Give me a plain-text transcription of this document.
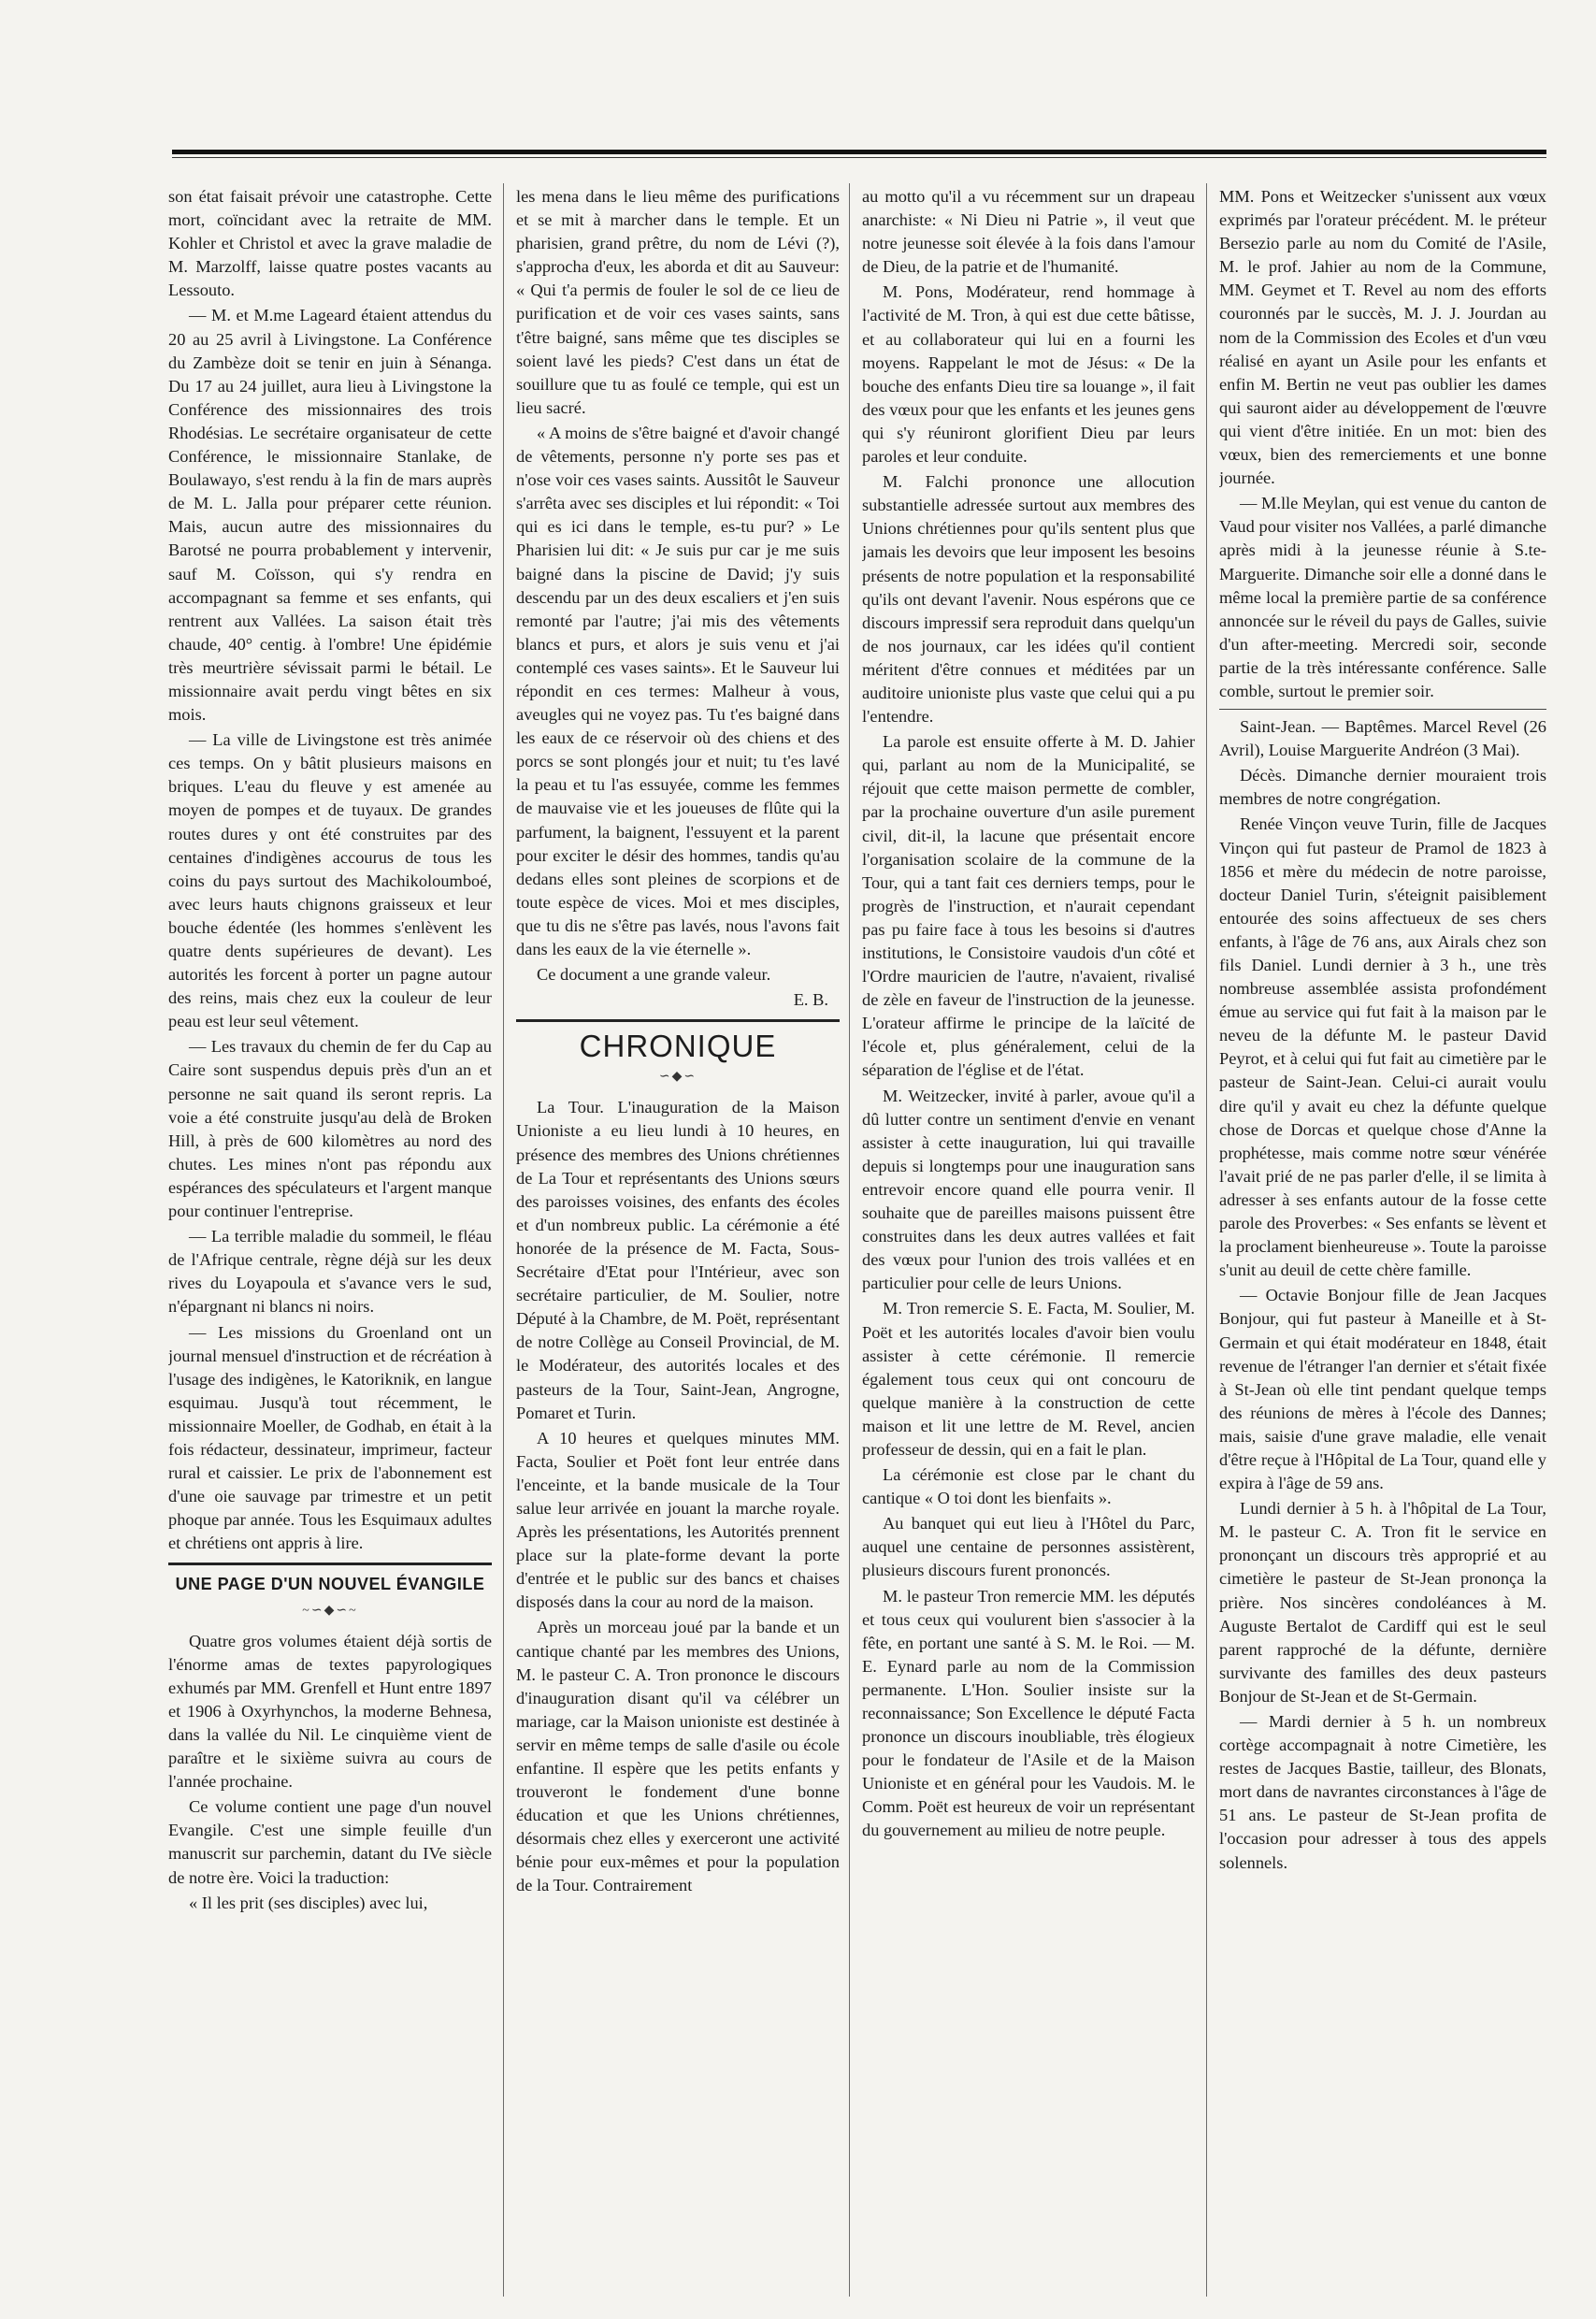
son état faisait prévoir une catastrophe. Cette mort, coïncidant avec la retraite de MM. Kohler et Christol et avec la grave maladie de M. Marzolff, laisse quatre postes vacants au Lessouto.

— M. et M.me Lageard étaient attendus du 20 au 25 avril à Livingstone. La Conférence du Zambèze doit se tenir en juin à Sénanga. Du 17 au 24 juillet, aura lieu à Livingstone la Conférence des missionnaires des trois Rhodésias. Le secrétaire organisateur de cette Conférence, le missionnaire Stanlake, de Boulawayo, s'est rendu à la fin de mars auprès de M. L. Jalla pour préparer cette réunion. Mais, aucun autre des missionnaires du Barotsé ne pourra probablement y intervenir, sauf M. Coïsson, qui s'y rendra en accompagnant sa femme et ses enfants, qui rentrent aux Vallées. La saison était très chaude, 40° centig. à l'ombre! Une épidémie très meurtrière sévissait parmi le bétail. Le missionnaire avait perdu vingt bêtes en six mois.

— La ville de Livingstone est très animée ces temps. On y bâtit plusieurs maisons en briques. L'eau du fleuve y est amenée au moyen de pompes et de tuyaux. De grandes routes dures y ont été construites par des centaines d'indigènes accourus de tous les coins du pays surtout des Machikoloumboé, avec leurs hauts chignons graisseux et leur bouche édentée (les hommes s'enlèvent les quatre dents supérieures de devant). Les autorités les forcent à porter un pagne autour des reins, mais chez eux la couleur de leur peau est leur seul vêtement.

— Les travaux du chemin de fer du Cap au Caire sont suspendus depuis près d'un an et personne ne sait quand ils seront repris. La voie a été construite jusqu'au delà de Broken Hill, à près de 600 kilomètres au nord des chutes. Les mines n'ont pas répondu aux espérances des spéculateurs et l'argent manque pour continuer l'entreprise.

— La terrible maladie du sommeil, le fléau de l'Afrique centrale, règne déjà sur les deux rives du Loyapoula et s'avance vers le sud, n'épargnant ni blancs ni noirs.

— Les missions du Groenland ont un journal mensuel d'instruction et de récréation à l'usage des indigènes, le Katoriknik, en langue esquimau. Jusqu'à tout récemment, le missionnaire Moeller, de Godhab, en était à la fois rédacteur, dessinateur, imprimeur, facteur rural et caissier. Le prix de l'abonnement est d'une oie sauvage par trimestre et un petit phoque par année. Tous les Esquimaux adultes et chrétiens ont appris à lire.

UNE PAGE D'UN NOUVEL ÉVANGILE
~∽◆∽~

Quatre gros volumes étaient déjà sortis de l'énorme amas de textes papyrologiques exhumés par MM. Grenfell et Hunt entre 1897 et 1906 à Oxyrhynchos, la moderne Behnesa, dans la vallée du Nil. Le cinquième vient de paraître et le sixième suivra au cours de l'année prochaine.

Ce volume contient une page d'un nouvel Evangile. C'est une simple feuille d'un manuscrit sur parchemin, datant du IVe siècle de notre ère. Voici la traduction:

« Il les prit (ses disciples) avec lui,

les mena dans le lieu même des purifications et se mit à marcher dans le temple. Et un pharisien, grand prêtre, du nom de Lévi (?), s'approcha d'eux, les aborda et dit au Sauveur: « Qui t'a permis de fouler le sol de ce lieu de purification et de voir ces vases saints, sans t'être baigné, sans même que tes disciples se soient lavé les pieds? C'est dans un état de souillure que tu as foulé ce temple, qui est un lieu sacré.

« A moins de s'être baigné et d'avoir changé de vêtements, personne n'y porte ses pas et n'ose voir ces vases saints. Aussitôt le Sauveur s'arrêta avec ses disciples et lui répondit: « Toi qui es ici dans le temple, es-tu pur? » Le Pharisien lui dit: « Je suis pur car je me suis baigné dans la piscine de David; j'y suis descendu par un des deux escaliers et j'en suis remonté par l'autre; j'ai mis des vêtements blancs et purs, et alors je suis venu et j'ai contemplé ces vases saints». Et le Sauveur lui répondit en ces termes: Malheur à vous, aveugles qui ne voyez pas. Tu t'es baigné dans les eaux de ce réservoir où des chiens et des porcs se sont plongés jour et nuit; tu t'es lavé la peau et tu l'as essuyée, comme les femmes de mauvaise vie et les joueuses de flûte qui la parfument, la baignent, l'essuyent et la parent pour exciter le désir des hommes, tandis qu'au dedans elles sont pleines de scorpions et de toute espèce de vices. Moi et mes disciples, que tu dis ne s'être pas lavés, nous l'avons fait dans les eaux de la vie éternelle ».

Ce document a une grande valeur.

E. B.

CHRONIQUE
∽◆∽

La Tour. L'inauguration de la Maison Unioniste a eu lieu lundi à 10 heures, en présence des membres des Unions chrétiennes de La Tour et représentants des Unions sœurs des paroisses voisines, des enfants des écoles et d'un nombreux public. La cérémonie a été honorée de la présence de M. Facta, Sous-Secrétaire d'Etat pour l'Intérieur, avec son secrétaire particulier, de M. Soulier, notre Député à la Chambre, de M. Poët, représentant de notre Collège au Conseil Provincial, de M. le Modérateur, des autorités locales et des pasteurs de la Tour, Saint-Jean, Angrogne, Pomaret et Turin.

A 10 heures et quelques minutes MM. Facta, Soulier et Poët font leur entrée dans l'enceinte, et la bande musicale de la Tour salue leur arrivée en jouant la marche royale. Après les présentations, les Autorités prennent place sur la plate-forme devant la porte d'entrée et le public sur des bancs et chaises disposés dans la cour au nord de la maison.

Après un morceau joué par la bande et un cantique chanté par les membres des Unions, M. le pasteur C. A. Tron prononce le discours d'inauguration disant qu'il va célébrer un mariage, car la Maison unioniste est destinée à servir en même temps de salle d'asile ou école enfantine. Il espère que les petits enfants y trouveront le fondement d'une bonne éducation et que les Unions chrétiennes, désormais chez elles y exerceront une activité bénie pour eux-mêmes et pour la population de la Tour. Contrairement

au motto qu'il a vu récemment sur un drapeau anarchiste: « Ni Dieu ni Patrie », il veut que notre jeunesse soit élevée à la fois dans l'amour de Dieu, de la patrie et de l'humanité.

M. Pons, Modérateur, rend hommage à l'activité de M. Tron, à qui est due cette bâtisse, et au collaborateur qui lui en a fourni les moyens. Rappelant le mot de Jésus: « De la bouche des enfants Dieu tire sa louange », il fait des vœux pour que les enfants et les jeunes gens qui s'y réuniront glorifient Dieu par leurs paroles et leur conduite.

M. Falchi prononce une allocution substantielle adressée surtout aux membres des Unions chrétiennes pour qu'ils sentent plus que jamais les devoirs que leur imposent les besoins présents de notre population et la responsabilité qu'ils ont devant l'avenir. Nous espérons que ce discours impressif sera reproduit dans quelqu'un de nos journaux, car les idées qu'il contient méritent d'être connues et méditées par un auditoire unioniste plus vaste que celui qui a pu l'entendre.

La parole est ensuite offerte à M. D. Jahier qui, parlant au nom de la Municipalité, se réjouit que cette maison permette de combler, par la prochaine ouverture d'un asile purement civil, dit-il, la lacune que présentait encore l'organisation scolaire de la commune de la Tour, qui a tant fait ces derniers temps, pour le progrès de l'instruction, et n'aurait cependant pas pu faire face à tous les besoins si d'autres institutions, le Consistoire vaudois d'un côté et l'Ordre mauricien de l'autre, n'avaient, rivalisé de zèle en faveur de l'instruction de la jeunesse. L'orateur affirme le principe de la laïcité de l'école et, plus généralement, celui de la séparation de l'église et de l'état.

M. Weitzecker, invité à parler, avoue qu'il a dû lutter contre un sentiment d'envie en venant assister à cette inauguration, lui qui travaille depuis si longtemps pour une inauguration sans entrevoir encore quand elle pourra venir. Il souhaite que de pareilles maisons puissent être construites dans les deux autres vallées et fait des vœux pour l'union des trois vallées et en particulier pour celle de leurs Unions.

M. Tron remercie S. E. Facta, M. Soulier, M. Poët et les autorités locales d'avoir bien voulu assister à cette cérémonie. Il remercie également tous ceux qui ont concouru de quelque manière à la construction de cette maison et lit une lettre de M. Revel, ancien professeur de dessin, qui en a fait le plan.

La cérémonie est close par le chant du cantique « O toi dont les bienfaits ».

Au banquet qui eut lieu à l'Hôtel du Parc, auquel une centaine de personnes assistèrent, plusieurs discours furent prononcés.

M. le pasteur Tron remercie MM. les députés et tous ceux qui voulurent bien s'associer à la fête, en portant une santé à S. M. le Roi. — M. E. Eynard parle au nom de la Commission permanente. L'Hon. Soulier insiste sur la reconnaissance; Son Excellence le député Facta prononce un discours inoubliable, très élogieux pour le fondateur de l'Asile et de la Maison Unioniste et en général pour les Vaudois. M. le Comm. Poët est heureux de voir un représentant du gouvernement au milieu de notre peuple.

MM. Pons et Weitzecker s'unissent aux vœux exprimés par l'orateur précédent. M. le préteur Bersezio parle au nom du Comité de l'Asile, M. le prof. Jahier au nom de la Commune, MM. Geymet et T. Revel au nom des efforts couronnés par le succès, M. J. J. Jourdan au nom de la Commission des Ecoles et d'un vœu réalisé en ayant un Asile pour les enfants et enfin M. Bertin ne veut pas oublier les dames qui sauront aider au développement de l'œuvre qui vient d'être initiée. En un mot: bien des vœux, bien des remerciements et une bonne journée.

— M.lle Meylan, qui est venue du canton de Vaud pour visiter nos Vallées, a parlé dimanche après midi à la jeunesse réunie à S.te-Marguerite. Dimanche soir elle a donné dans le même local la première partie de sa conférence annoncée sur le réveil du pays de Galles, suivie d'un after-meeting. Mercredi soir, seconde partie de la très intéressante conférence. Salle comble, surtout le premier soir.

Saint-Jean. — Baptêmes. Marcel Revel (26 Avril), Louise Marguerite Andréon (3 Mai).

Décès. Dimanche dernier mouraient trois membres de notre congrégation.

Renée Vinçon veuve Turin, fille de Jacques Vinçon qui fut pasteur de Pramol de 1823 à 1856 et mère du médecin de notre paroisse, docteur Daniel Turin, s'éteignit paisiblement entourée des soins affectueux de ses chers enfants, à l'âge de 76 ans, aux Airals chez son fils Daniel. Lundi dernier à 3 h., une très nombreuse assemblée assista profondément émue au service qui fut fait à la maison par le neveu de la défunte M. le pasteur David Peyrot, et à celui qui fut fait au cimetière par le pasteur de Saint-Jean. Celui-ci aurait voulu dire qu'il y avait eu chez la défunte quelque chose de Dorcas et quelque chose d'Anne la prophétesse, mais comme notre sœur vénérée l'avait prié de ne pas parler d'elle, il se limita à adresser à ses enfants autour de la fosse cette parole des Proverbes: « Ses enfants se lèvent et la proclament bienheureuse ». Toute la paroisse s'unit au deuil de cette chère famille.

— Octavie Bonjour fille de Jean Jacques Bonjour, qui fut pasteur à Maneille et à St-Germain et qui était modérateur en 1848, était revenue de l'étranger l'an dernier et s'était fixée à St-Jean où elle tint pendant quelque temps des réunions de mères à l'école des Dannes; mais, saisie d'une grave maladie, elle venait d'être reçue à l'Hôpital de La Tour, quand elle y expira à l'âge de 59 ans.

Lundi dernier à 5 h. à l'hôpital de La Tour, M. le pasteur C. A. Tron fit le service en prononçant un discours très approprié et au cimetière le pasteur de St-Jean prononça la prière. Nos sincères condoléances à M. Auguste Bertalot de Cardiff qui est le seul parent rapproché de la défunte, dernière survivante des familles des deux pasteurs Bonjour de St-Jean et de St-Germain.

— Mardi dernier à 5 h. un nombreux cortège accompagnait à notre Cimetière, les restes de Jacques Bastie, tailleur, des Blonats, mort dans de navrantes circonstances à l'âge de 51 ans. Le pasteur de St-Jean profita de l'occasion pour adresser à tous des appels solennels.
